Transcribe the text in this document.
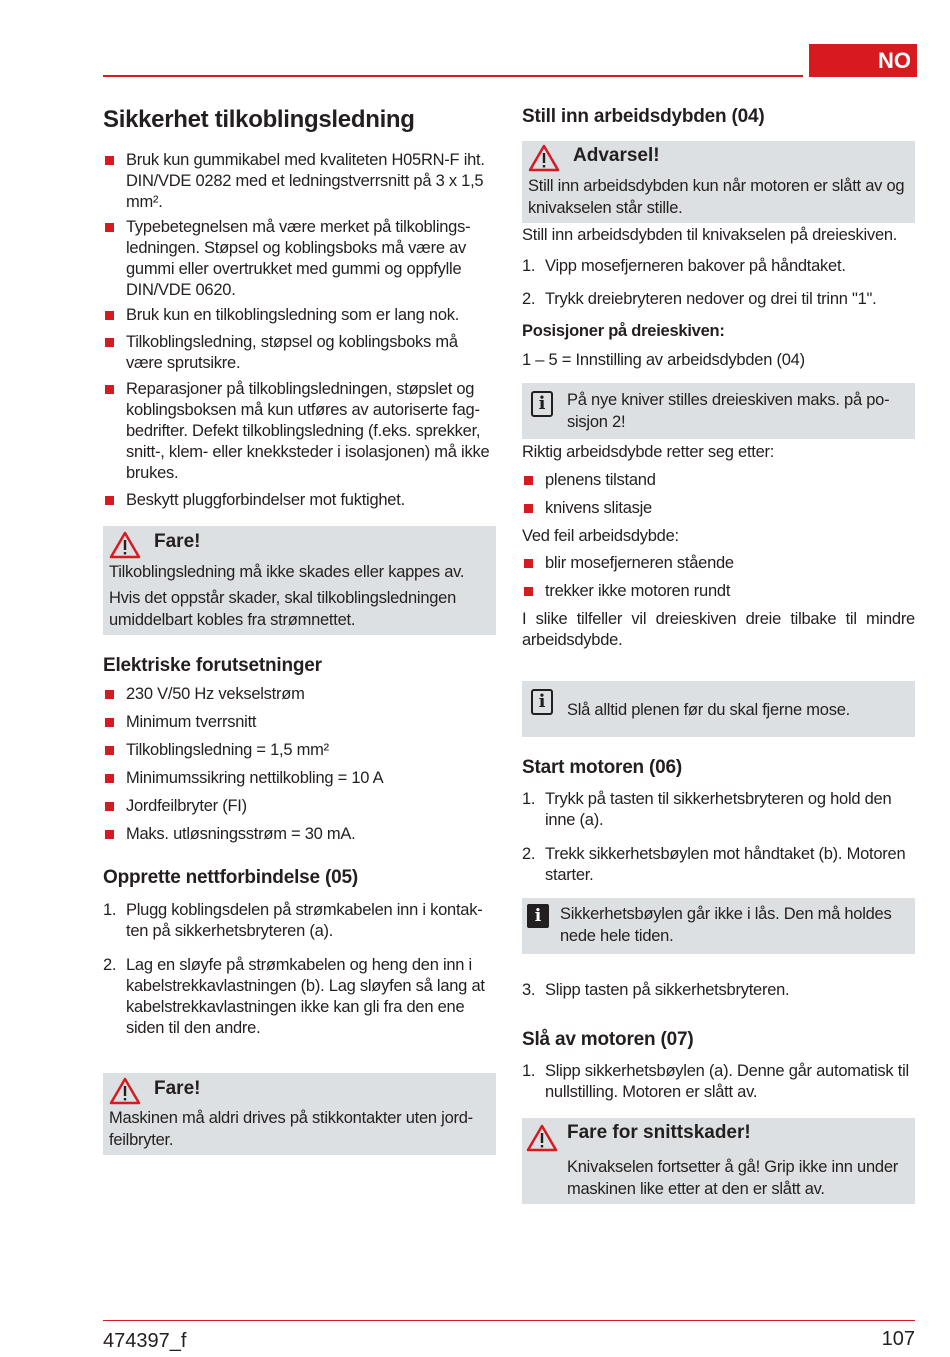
NO
Sikkerhet tilkoblingsledning
Bruk kun gummikabel med kvaliteten H05RN-F iht. DIN/VDE 0282 med et ledningstverrsnitt på 3 x 1,5 mm².
Typebetegnelsen må være merket på tilkoblingsledningen. Støpsel og koblingsboks må være av gummi eller overtrukket med gummi og oppfylle DIN/VDE 0620.
Bruk kun en tilkoblingsledning som er lang nok.
Tilkoblingsledning, støpsel og koblingsboks må være sprutsikre.
Reparasjoner på tilkoblingsledningen, støpslet og koblingsboksen må kun utføres av autoriserte fagbedrifter. Defekt tilkoblingsledning (f.eks. sprekker, snitt-, klem- eller knekksteder i isolasjonen) må ikke brukes.
Beskytt pluggforbindelser mot fuktighet.
Fare!
Tilkoblingsledning må ikke skades eller kappes av.
Hvis det oppstår skader, skal tilkoblingsledningen umiddelbart kobles fra strømnettet.
Elektriske forutsetninger
230 V/50 Hz vekselstrøm
Minimum tverrsnitt
Tilkoblingsledning = 1,5 mm²
Minimumssikring nettilkobling = 10 A
Jordfeilbryter (FI)
Maks. utløsningsstrøm = 30 mA.
Opprette nettforbindelse (05)
1. Plugg koblingsdelen på strømkabelen inn i kontakten på sikkerhetsbryteren (a).
2. Lag en sløyfe på strømkabelen og heng den inn i kabelstrekkavlastningen (b). Lag sløyfen så lang at kabelstrekkavlastningen ikke kan gli fra den ene siden til den andre.
Fare!
Maskinen må aldri drives på stikkontakter uten jordfeilbryter.
Still inn arbeidsdybden (04)
Advarsel!
Still inn arbeidsdybden kun når motoren er slått av og knivakselen står stille.
Still inn arbeidsdybden til knivakselen på dreieskiven.
1. Vipp mosefjerneren bakover på håndtaket.
2. Trykk dreiebryteren nedover og drei til trinn "1".
Posisjoner på dreieskiven:
1 – 5 = Innstilling av arbeidsdybden (04)
i På nye kniver stilles dreieskiven maks. på posisjon 2!
Riktig arbeidsdybde retter seg etter:
plenens tilstand
knivens slitasje
Ved feil arbeidsdybde:
blir mosefjerneren stående
trekker ikke motoren rundt
I slike tilfeller vil dreieskiven dreie tilbake til mindre arbeidsdybde.
i Slå alltid plenen før du skal fjerne mose.
Start motoren (06)
1. Trykk på tasten til sikkerhetsbryteren og hold den inne (a).
2. Trekk sikkerhetsbøylen mot håndtaket (b). Motoren starter.
i	Sikkerhetsbøylen går ikke i lås. Den må holdes nede hele tiden.
3. Slipp tasten på sikkerhetsbryteren.
Slå av motoren (07)
1. Slipp sikkerhetsbøylen (a). Denne går automatisk til nullstilling. Motoren er slått av.
Fare for snittskader!
Knivakselen fortsetter å gå! Grip ikke inn under maskinen like etter at den er slått av.
474397_f	107
